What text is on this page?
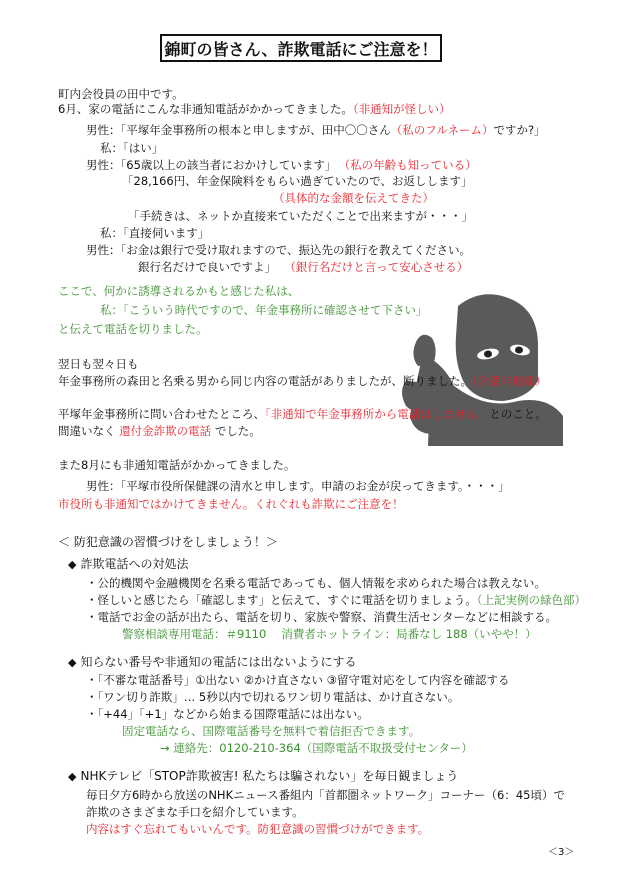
錦町の皆さん、詐欺電話にご注意を！
町内会役員の田中です。
6月、家の電話にこんな非通知電話がかかってきました。（非通知が怪しい）
男性：「平塚年金事務所の根本と申しますが、田中〇〇さん（私のフルネーム）ですか?」
私：「はい」
男性：「65歳以上の該当者におかけしています」 （私の年齢も知っている）
「28,166円、年金保険料をもらい過ぎていたので、お返しします」
（具体的な金額を伝えてきた）
「手続きは、ネットか直接来ていただくことで出来ますが・・・」
私：「直接伺います」
男性：「お金は銀行で受け取れますので、振込先の銀行を教えてください。
銀行名だけで良いですよ」 （銀行名だけと言って安心させる）
ここで、何かに誘導されるかもと感じた私は、
私：「こういう時代ですので、年金事務所に確認させて下さい」
と伝えて電話を切りました。
翌日も翌々日も
年金事務所の森田と名乗る男から同じ内容の電話がありましたが、断りました。（全部非通知）
平塚年金事務所に問い合わせたところ、「非通知で年金事務所から電話はしません」とのこと。
間違いなく 還付金詐欺の電話 でした。
また8月にも非通知電話がかかってきました。
男性：「平塚市役所保健課の清水と申します。申請のお金が戻ってきます。・・・」
市役所も非通知ではかけてきません。くれぐれも詐欺にご注意を！
＜ 防犯意識の習慣づけをしましょう！＞
◆ 詐欺電話への対処法
・公的機関や金融機関を名乗る電話であっても、個人情報を求められた場合は教えない。
・怪しいと感じたら「確認します」と伝えて、すぐに電話を切りましょう。（上記実例の緑色部）
・電話でお金の話が出たら、電話を切り、家族や警察、消費生活センターなどに相談する。
警察相談専用電話：＃9110　 消費者ホットライン：局番なし 188（いやや！）
◆ 知らない番号や非通知の電話には出ないようにする
・「不審な電話番号」①出ない ②かけ直さない ③留守電対応をして内容を確認する
・「ワン切り詐欺」… 5秒以内で切れるワン切り電話は、かけ直さない。
・「+44」「+1」などから始まる国際電話には出ない。
固定電話なら、国際電話番号を無料で着信拒否できます。
→ 連絡先：0120-210-364（国際電話不取扱受付センター）
◆ NHKテレビ「STOP詐欺被害! 私たちは騙されない」を毎日観ましょう
毎日夕方6時から放送のNHKニュース番組内「首都圏ネットワーク」コーナー（6：45頃）で
詐欺のさまざまな手口を紹介しています。
内容はすぐ忘れてもいいんです。防犯意識の習慣づけができます。
＜3＞
